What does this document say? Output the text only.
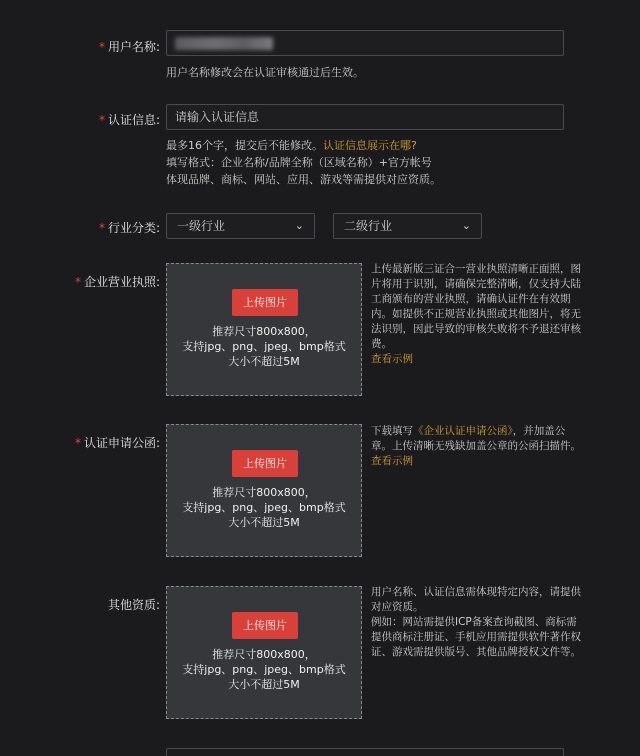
* 用户名称:
用户名称修改会在认证审核通过后生效。
* 认证信息:	请输入认证信息
最多16个字，提交后不能修改。认证信息展示在哪?
填写格式：企业名称/品牌全称（区域名称）+官方帐号
体现品牌、商标、网站、应用、游戏等需提供对应资质。
* 行业分类:	一级行业	⌄	二级行业	⌄
* 企业营业执照:
上传图片
推荐尺寸800x800，
支持jpg、png、jpeg、bmp格式
大小不超过5M
上传最新版三证合一营业执照清晰正面照，图片将用于识别，请确保完整清晰，仅支持大陆工商颁布的营业执照，请确认证件在有效期内。如提供不正规营业执照或其他图片，将无法识别，因此导致的审核失败将不予退还审核费。
查看示例
* 认证申请公函:
上传图片
推荐尺寸800x800，
支持jpg、png、jpeg、bmp格式
大小不超过5M
下载填写《企业认证申请公函》，并加盖公章。上传清晰无残缺加盖公章的公函扫描件。
查看示例
其他资质:
上传图片
推荐尺寸800x800，
支持jpg、png、jpeg、bmp格式
大小不超过5M
用户名称、认证信息需体现特定内容，请提供对应资质。
例如：网站需提供ICP备案查询截图、商标需提供商标注册证、手机应用需提供软件著作权证、游戏需提供版号、其他品牌授权文件等。
